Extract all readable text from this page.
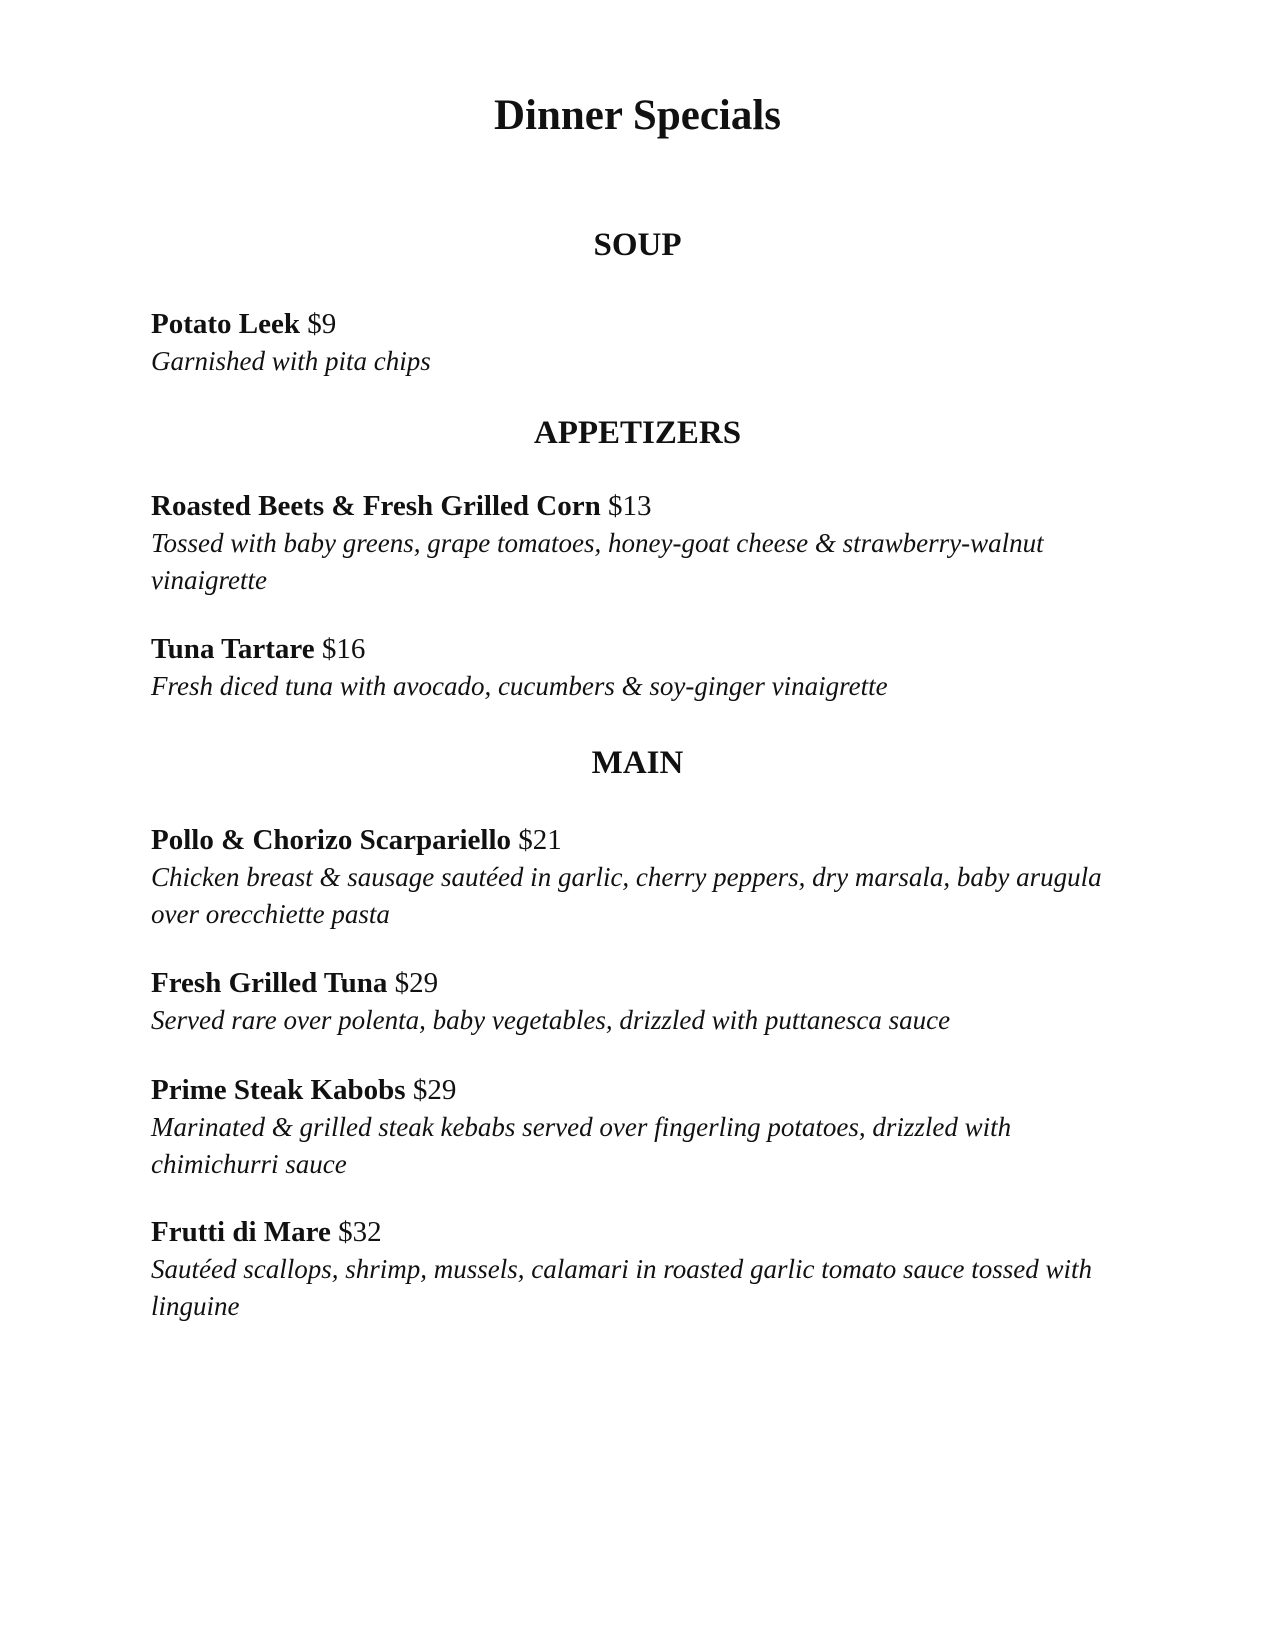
Dinner Specials
SOUP

Potato Leek $9

Garnished with pita chips

APPETIZERS

Roasted Beets & Fresh Grilled Corn $13

Tossed with baby greens, grape tomatoes, honey-goat cheese & strawberry-walnut vinaigrette

Tuna Tartare $16

Fresh diced tuna with avocado, cucumbers & soy-ginger vinaigrette

MAIN

Pollo & Chorizo Scarpariello $21

Chicken breast & sausage sautéed in garlic, cherry peppers, dry marsala, baby arugula over orecchiette pasta

Fresh Grilled Tuna $29

Served rare over polenta, baby vegetables, drizzled with puttanesca sauce

Prime Steak Kabobs $29

Marinated & grilled steak kebabs served over fingerling potatoes, drizzled with chimichurri sauce

Frutti di Mare $32

Sautéed scallops, shrimp, mussels, calamari in roasted garlic tomato sauce tossed with linguine
